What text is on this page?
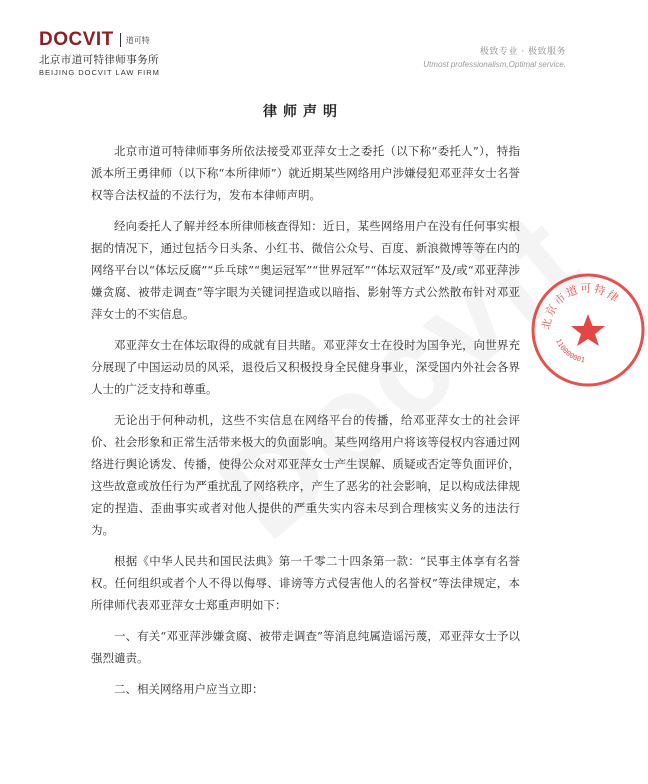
DOCVIT 道可特
北京市道可特律师事务所
BEIJING DOCVIT LAW FIRM
极致专业 · 极致服务
Utmost professionalism,Optimal service.
律师声明

北京市道可特律师事务所依法接受邓亚萍女士之委托（以下称“委托人”），特指派本所王勇律师（以下称“本所律师”）就近期某些网络用户涉嫌侵犯邓亚萍女士名誉权等合法权益的不法行为，发布本律师声明。

经向委托人了解并经本所律师核查得知：近日，某些网络用户在没有任何事实根据的情况下，通过包括今日头条、小红书、微信公众号、百度、新浪微博等等在内的网络平台以“体坛反腐”“乒乓球”“奥运冠军”“世界冠军”“体坛双冠军”及/或“邓亚萍涉嫌贪腐、被带走调查”等字眼为关键词捏造或以暗指、影射等方式公然散布针对邓亚萍女士的不实信息。

邓亚萍女士在体坛取得的成就有目共睹。邓亚萍女士在役时为国争光，向世界充分展现了中国运动员的风采，退役后又积极投身全民健身事业，深受国内外社会各界人士的广泛支持和尊重。

无论出于何种动机，这些不实信息在网络平台的传播，给邓亚萍女士的社会评价、社会形象和正常生活带来极大的负面影响。某些网络用户将该等侵权内容通过网络进行舆论诱发、传播，使得公众对邓亚萍女士产生误解、质疑或否定等负面评价，这些故意或放任行为严重扰乱了网络秩序，产生了恶劣的社会影响，足以构成法律规定的捏造、歪曲事实或者对他人提供的严重失实内容未尽到合理核实义务的违法行为。

根据《中华人民共和国民法典》第一千零二十四条第一款：“民事主体享有名誉权。任何组织或者个人不得以侮辱、诽谤等方式侵害他人的名誉权”等法律规定，本所律师代表邓亚萍女士郑重声明如下：

一、有关“邓亚萍涉嫌贪腐、被带走调查”等消息纯属造谣污蔑，邓亚萍女士予以强烈谴责。

二、相关网络用户应当立即：

北京市道可特律
110000001
